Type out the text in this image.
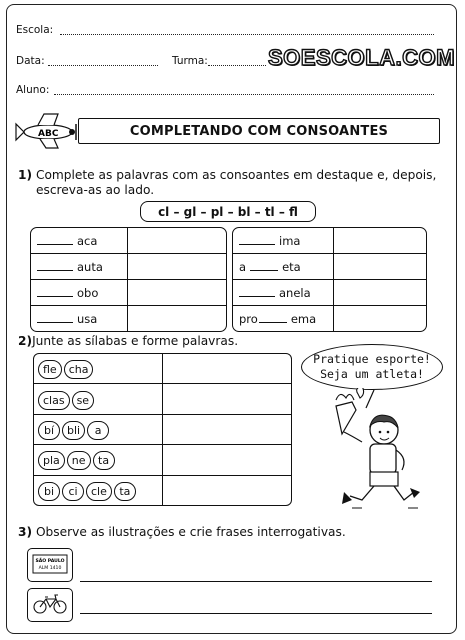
Escola:
Data:	Turma:	SOESCOLA.COM
Aluno:
ABC	COMPLETANDO COM CONSOANTES
1) Complete as palavras com as consoantes em destaque e, depois,
escreva-as ao lado.
cl – gl – pl – bl – tl – fl
aca	
auta	
obo	
usa	
ima	
a eta	
anela	
pro ema	
2)Junte as sílabas e forme palavras.
fle cha	
clas se	
bí bli a	
pla ne ta	
bi ci cle ta	
Pratique esporte!
Seja um atleta!
3) Observe as ilustrações e crie frases interrogativas.
SÃO PAULO
ALM 1410
